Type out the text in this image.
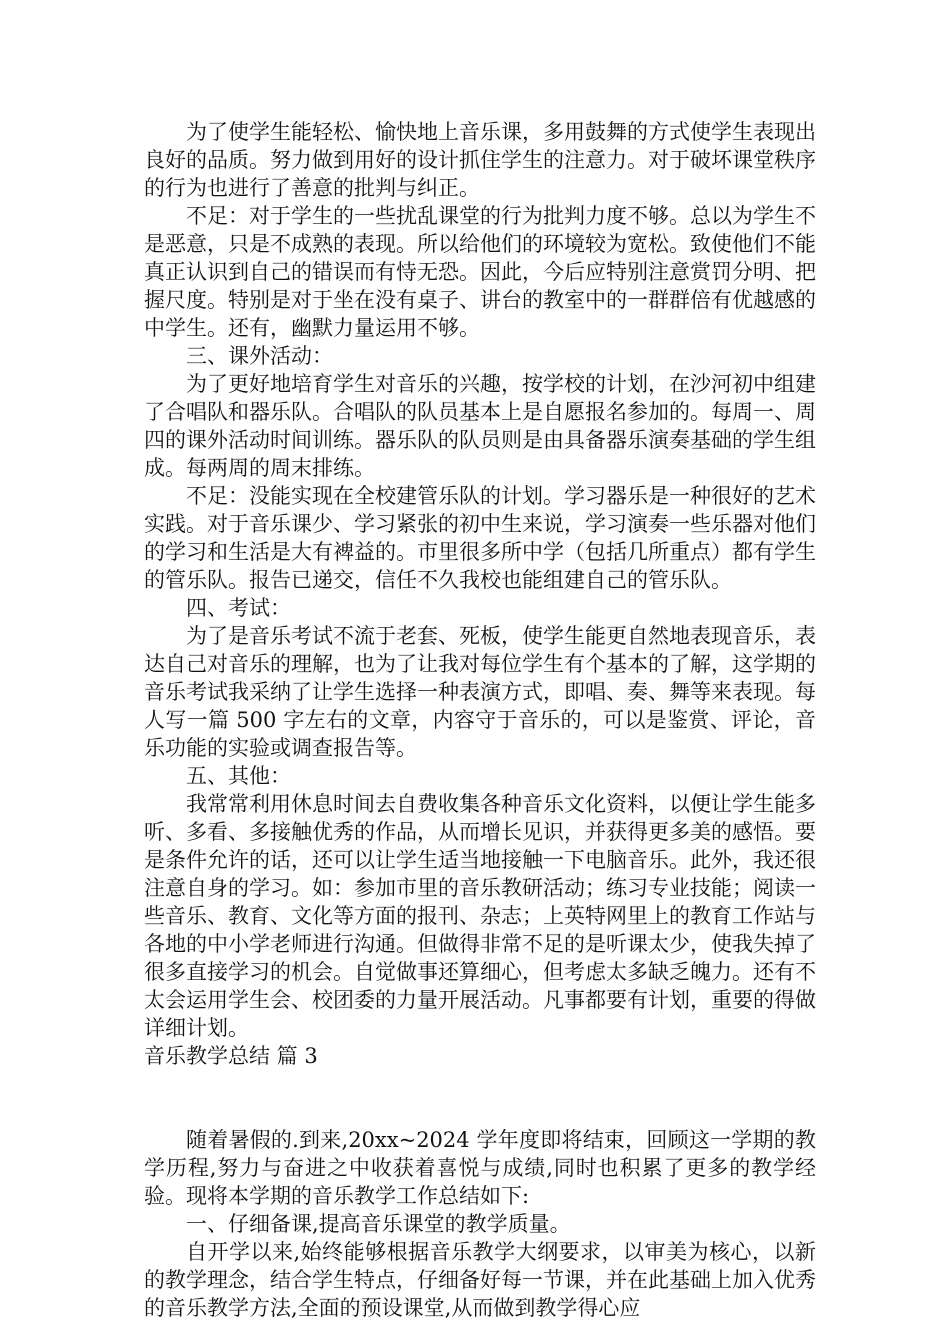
为了使学生能轻松、愉快地上音乐课，多用鼓舞的方式使学生表现出良好的品质。努力做到用好的设计抓住学生的注意力。对于破坏课堂秩序的行为也进行了善意的批判与纠正。

不足：对于学生的一些扰乱课堂的行为批判力度不够。总以为学生不是恶意，只是不成熟的表现。所以给他们的环境较为宽松。致使他们不能真正认识到自己的错误而有恃无恐。因此，今后应特别注意赏罚分明、把握尺度。特别是对于坐在没有桌子、讲台的教室中的一群群倍有优越感的中学生。还有，幽默力量运用不够。

三、课外活动：

为了更好地培育学生对音乐的兴趣，按学校的计划，在沙河初中组建了合唱队和器乐队。合唱队的队员基本上是自愿报名参加的。每周一、周四的课外活动时间训练。器乐队的队员则是由具备器乐演奏基础的学生组成。每两周的周末排练。

不足：没能实现在全校建管乐队的计划。学习器乐是一种很好的艺术实践。对于音乐课少、学习紧张的初中生来说，学习演奏一些乐器对他们的学习和生活是大有裨益的。市里很多所中学（包括几所重点）都有学生的管乐队。报告已递交，信任不久我校也能组建自己的管乐队。

四、考试：

为了是音乐考试不流于老套、死板，使学生能更自然地表现音乐，表达自己对音乐的理解，也为了让我对每位学生有个基本的了解，这学期的音乐考试我采纳了让学生选择一种表演方式，即唱、奏、舞等来表现。每人写一篇 500 字左右的文章，内容守于音乐的，可以是鉴赏、评论，音乐功能的实验或调查报告等。

五、其他：

我常常利用休息时间去自费收集各种音乐文化资料，以便让学生能多听、多看、多接触优秀的作品，从而增长见识，并获得更多美的感悟。要是条件允许的话，还可以让学生适当地接触一下电脑音乐。此外，我还很注意自身的学习。如：参加市里的音乐教研活动；练习专业技能；阅读一些音乐、教育、文化等方面的报刊、杂志；上英特网里上的教育工作站与各地的中小学老师进行沟通。但做得非常不足的是听课太少，使我失掉了很多直接学习的机会。自觉做事还算细心，但考虑太多缺乏魄力。还有不太会运用学生会、校团委的力量开展活动。凡事都要有计划，重要的得做详细计划。

音乐教学总结 篇 3

随着暑假的.到来,20xx~2024 学年度即将结束，回顾这一学期的教学历程,努力与奋进之中收获着喜悦与成绩,同时也积累了更多的教学经验。现将本学期的音乐教学工作总结如下:

一、仔细备课,提高音乐课堂的教学质量。

自开学以来,始终能够根据音乐教学大纲要求，以审美为核心，以新的教学理念，结合学生特点，仔细备好每一节课，并在此基础上加入优秀的音乐教学方法,全面的预设课堂,从而做到教学得心应
